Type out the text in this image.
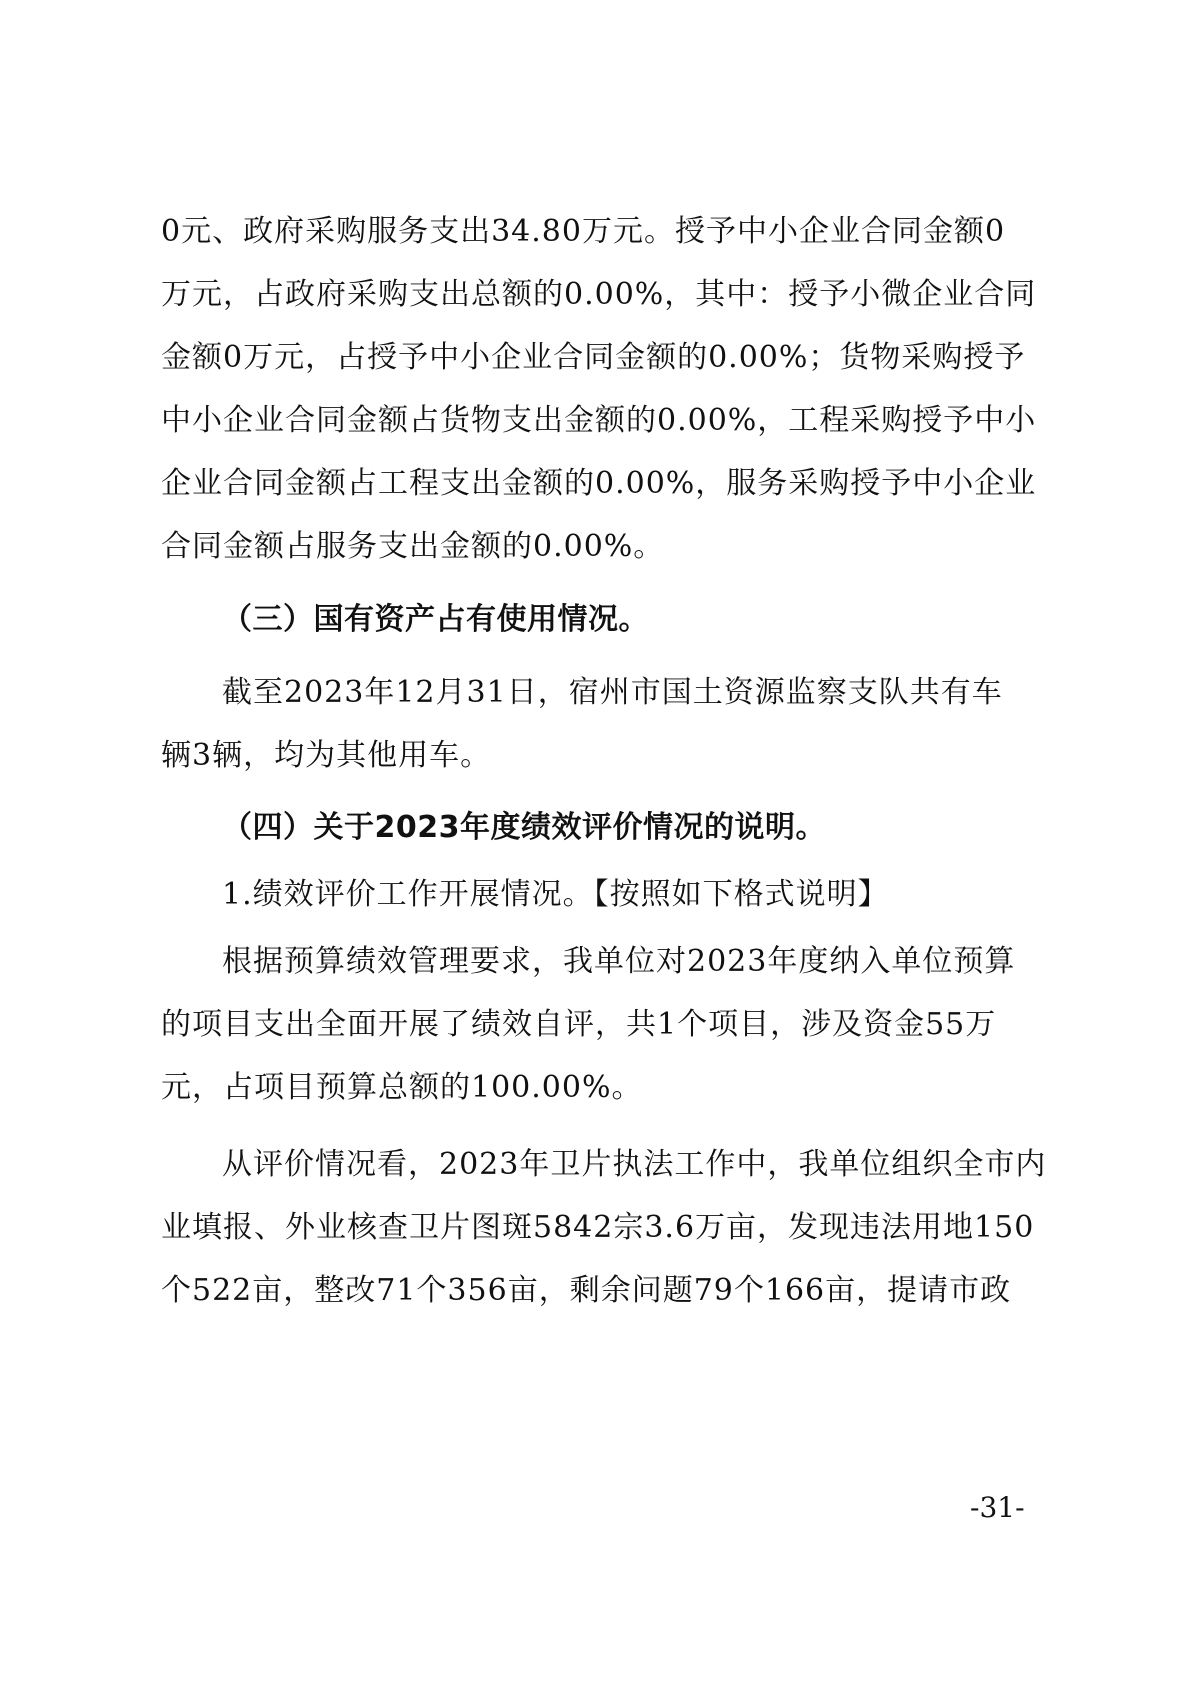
0元、政府采购服务支出34.80万元。授予中小企业合同金额0
万元，占政府采购支出总额的0.00%，其中：授予小微企业合同
金额0万元，占授予中小企业合同金额的0.00%；货物采购授予
中小企业合同金额占货物支出金额的0.00%，工程采购授予中小
企业合同金额占工程支出金额的0.00%，服务采购授予中小企业
合同金额占服务支出金额的0.00%。
（三）国有资产占有使用情况。
截至2023年12月31日，宿州市国土资源监察支队共有车
辆3辆，均为其他用车。
（四）关于2023年度绩效评价情况的说明。
1.绩效评价工作开展情况。【按照如下格式说明】
根据预算绩效管理要求，我单位对2023年度纳入单位预算
的项目支出全面开展了绩效自评，共1个项目，涉及资金55万
元，占项目预算总额的100.00%。
从评价情况看，2023年卫片执法工作中，我单位组织全市内
业填报、外业核查卫片图斑5842宗3.6万亩，发现违法用地150
个522亩，整改71个356亩，剩余问题79个166亩，提请市政
-31-
